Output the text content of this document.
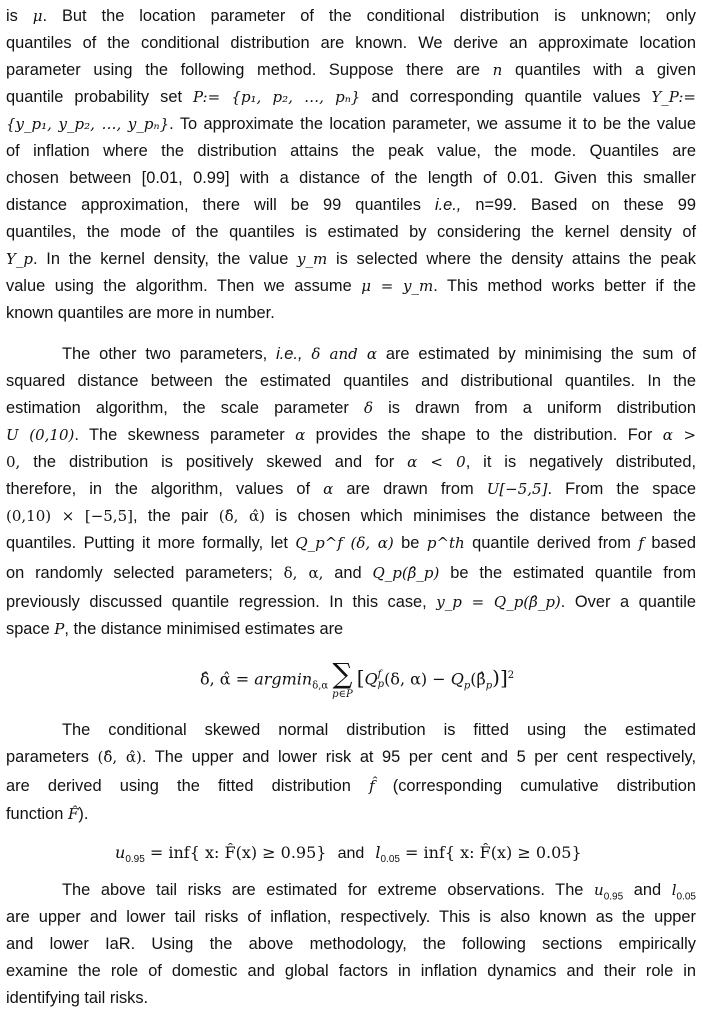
is μ. But the location parameter of the conditional distribution is unknown; only
quantiles of the conditional distribution are known. We derive an approximate location
parameter using the following method. Suppose there are n quantiles with a given
quantile probability set P:= {p₁, p₂, …, pₙ} and corresponding quantile values Y_P:=
{y_p₁, y_p₂, …, y_pₙ}. To approximate the location parameter, we assume it to be the value
of inflation where the distribution attains the peak value, the mode. Quantiles are
chosen between [0.01, 0.99] with a distance of the length of 0.01. Given this smaller
distance approximation, there will be 99 quantiles i.e., n=99. Based on these 99
quantiles, the mode of the quantiles is estimated by considering the kernel density of
Y_p. In the kernel density, the value y_m is selected where the density attains the peak
value using the algorithm. Then we assume μ = y_m. This method works better if the
known quantiles are more in number.
The other two parameters, i.e., δ and α are estimated by minimising the sum of
squared distance between the estimated quantiles and distributional quantiles. In the
estimation algorithm, the scale parameter δ is drawn from a uniform distribution
U (0,10). The skewness parameter α provides the shape to the distribution. For α >
0, the distribution is positively skewed and for α < 0, it is negatively distributed,
therefore, in the algorithm, values of α are drawn from U[−5,5]. From the space
(0,10) × [−5,5], the pair (δ̂, α̂) is chosen which minimises the distance between the
quantiles. Putting it more formally, let Q_p^f (δ, α) be p^th quantile derived from f based
on randomly selected parameters; δ, α, and Q_p(β̂_p) be the estimated quantile from
previously discussed quantile regression. In this case, y_p = Q_p(β̂_p). Over a quantile
space P, the distance minimised estimates are
δ̂, α̂ = argmin$_{\delta,\alpha}$ ∑
p∈P
[Q f
p (δ, $\alpha) - Q_p(\betâ_p)]^2$
The conditional skewed normal distribution is fitted using the estimated
parameters (δ̂, α̂). The upper and lower risk at 95 per cent and 5 per cent respectively,
are derived using the fitted distribution f̂ (corresponding cumulative distribution
function F̂).
$u_{0.95} = inf${ x: F̂(x) ≥ 0.95} and $l_{0.05} = inf${ x: F̂(x) ≥ 0.05}
The above tail risks are estimated for extreme observations. The $u_{0.95}$ and $l_{0.05}$
are upper and lower tail risks of inflation, respectively. This is also known as the upper
and lower IaR. Using the above methodology, the following sections empirically
examine the role of domestic and global factors in inflation dynamics and their role in
identifying tail risks.
